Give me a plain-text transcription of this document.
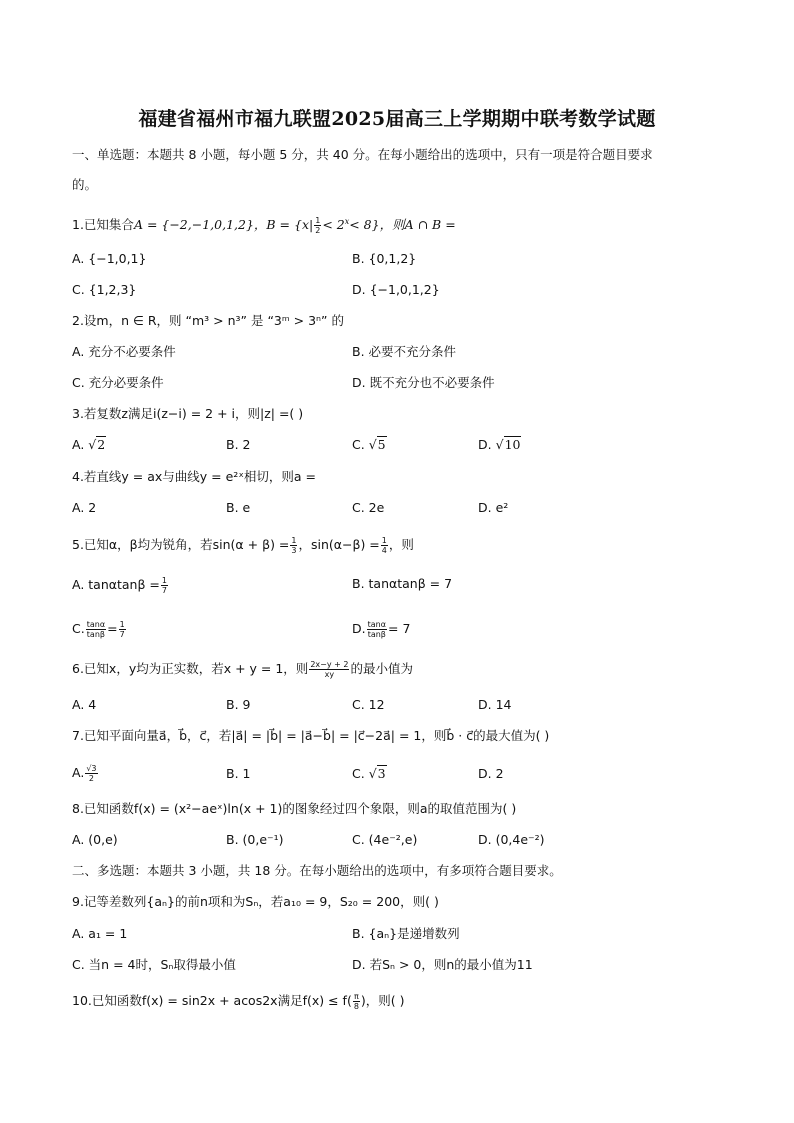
福建省福州市福九联盟2025届高三上学期期中联考数学试题
一、单选题：本题共 8 小题，每小题 5 分，共 40 分。在每小题给出的选项中，只有一项是符合题目要求
的。
1.已知集合A = {−2,−1,0,1,2}，$B = \{x| \frac{1}{2} < 2^x< 8\}$，则A ∩ B =
A. {−1,0,1}	B. {0,1,2}
C. {1,2,3}	D. {−1,0,1,2}
2.设m，n ∈ R，则 “m³ > n³” 是 “3ᵐ > 3ⁿ” 的
A. 充分不必要条件	B. 必要不充分条件
C. 充分必要条件	D. 既不充分也不必要条件
3.若复数z满足i(z−i) = 2 + i，则|z| =( )
A. √2	B. 2	C. √5	D. √10
4.若直线y = ax与曲线y = e²ˣ相切，则a =
A. 2	B. e	C. 2e	D. e²
5.已知α，β均为锐角，若$\sin(\alpha + \beta) = \frac{1}{3}$ ，$\sin(\alpha-\beta) = \frac{1}{4}$ ，则
A. $\tan\alpha\tan\beta = \frac{1}{7}$	B. tanαtanβ = 7
C. $\frac{\tan\alpha}{\tan\beta} = \frac{1}{7}$	D. $\frac{\tan\alpha}{\tan\beta} = 7$
6.已知x，y均为正实数，若x + y = 1，则 $\frac{2x-y + 2}{xy}$ 的最小值为
A. 4	B. 9	C. 12	D. 14
7.已知平面向量a⃗，b⃗，c⃗，若|a⃗| = |b⃗| = |a⃗−b⃗| = |c⃗−2a⃗| = 1，则b⃗ · c⃗的最大值为( )
A. $\frac{√3}{2}$	B. 1	C. √3	D. 2
8.已知函数f(x) = (x²−aeˣ)ln(x + 1)的图象经过四个象限，则a的取值范围为( )
A. (0,e)	B. (0,e⁻¹)	C. (4e⁻²,e)	D. (0,4e⁻²)
二、多选题：本题共 3 小题，共 18 分。在每小题给出的选项中，有多项符合题目要求。
9.记等差数列{aₙ}的前n项和为Sₙ，若a₁₀ = 9，S₂₀ = 200，则( )
A. a₁ = 1	B. {aₙ}是递增数列
C. 当n = 4时，Sₙ取得最小值	D. 若Sₙ > 0，则n的最小值为11
10.已知函数f(x) = sin2x + acos2x满足$f(x) \le f( \frac{\pi}{8}$ )，则( )
